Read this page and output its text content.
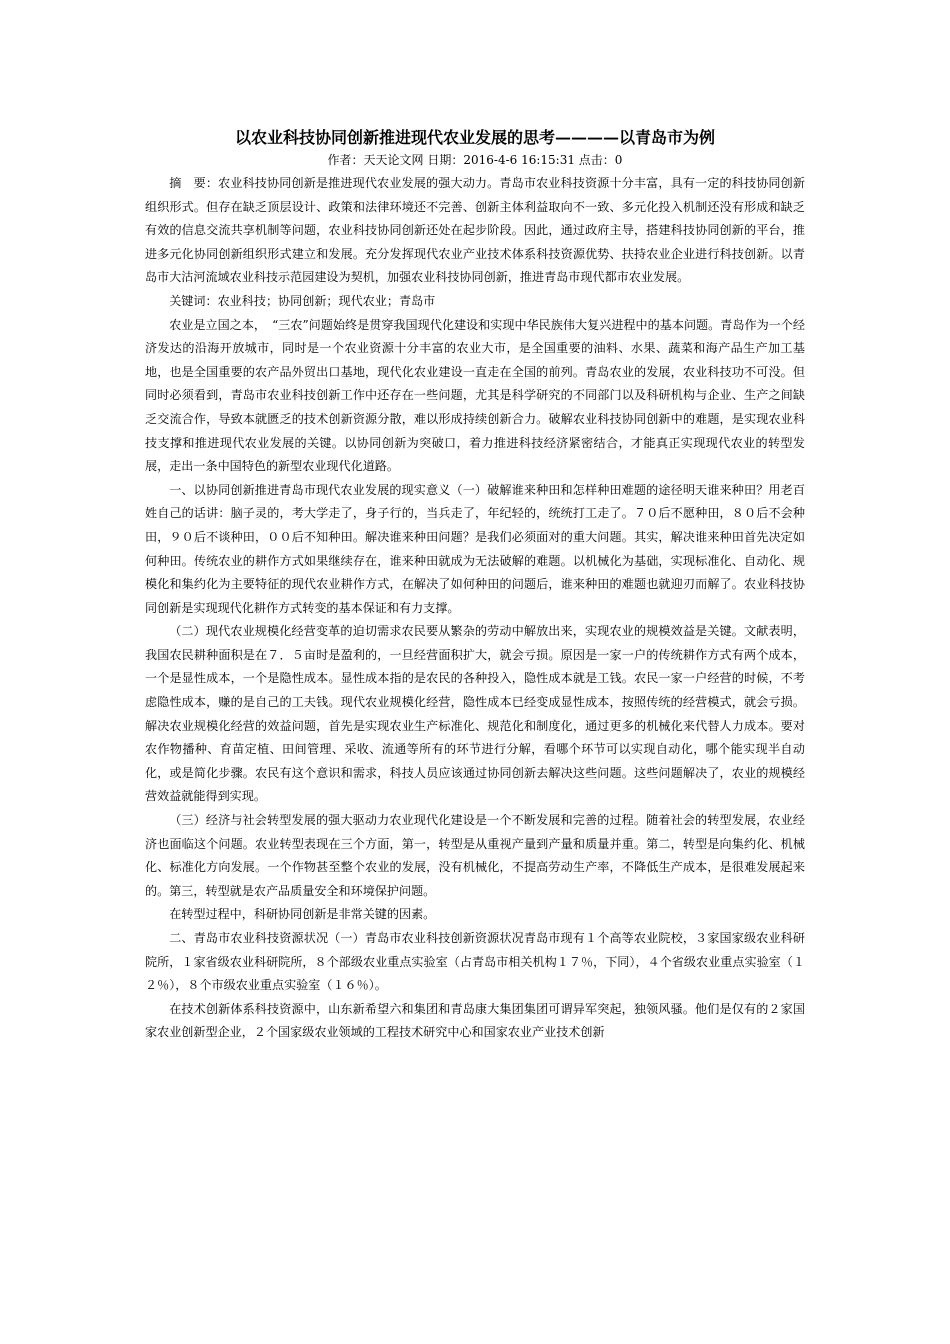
以农业科技协同创新推进现代农业发展的思考————以青岛市为例
作者：天天论文网 日期：2016-4-6 16:15:31 点击：0

摘　要：农业科技协同创新是推进现代农业发展的强大动力。青岛市农业科技资源十分丰富，具有一定的科技协同创新组织形式。但存在缺乏顶层设计、政策和法律环境还不完善、创新主体利益取向不一致、多元化投入机制还没有形成和缺乏有效的信息交流共享机制等问题，农业科技协同创新还处在起步阶段。因此，通过政府主导，搭建科技协同创新的平台，推进多元化协同创新组织形式建立和发展。充分发挥现代农业产业技术体系科技资源优势、扶持农业企业进行科技创新。以青岛市大沽河流域农业科技示范园建设为契机，加强农业科技协同创新，推进青岛市现代都市农业发展。

关键词：农业科技；协同创新；现代农业；青岛市

农业是立国之本，　“三农”问题始终是贯穿我国现代化建设和实现中华民族伟大复兴进程中的基本问题。青岛作为一个经济发达的沿海开放城市，同时是一个农业资源十分丰富的农业大市，是全国重要的油料、水果、蔬菜和海产品生产加工基地，也是全国重要的农产品外贸出口基地，现代化农业建设一直走在全国的前列。青岛农业的发展，农业科技功不可没。但同时必须看到，青岛市农业科技创新工作中还存在一些问题，尤其是科学研究的不同部门以及科研机构与企业、生产之间缺乏交流合作，导致本就匮乏的技术创新资源分散，难以形成持续创新合力。破解农业科技协同创新中的难题，是实现农业科技支撑和推进现代农业发展的关键。以协同创新为突破口，着力推进科技经济紧密结合，才能真正实现现代农业的转型发展，走出一条中国特色的新型农业现代化道路。

一、以协同创新推进青岛市现代农业发展的现实意义（一）破解谁来种田和怎样种田难题的途径明天谁来种田？用老百姓自己的话讲：脑子灵的，考大学走了，身子行的，当兵走了，年纪轻的，统统打工走了。７０后不愿种田，８０后不会种田，９０后不谈种田，００后不知种田。解决谁来种田问题？是我们必须面对的重大问题。其实，解决谁来种田首先决定如何种田。传统农业的耕作方式如果继续存在，谁来种田就成为无法破解的难题。以机械化为基础，实现标准化、自动化、规模化和集约化为主要特征的现代农业耕作方式，在解决了如何种田的问题后，谁来种田的难题也就迎刃而解了。农业科技协同创新是实现现代化耕作方式转变的基本保证和有力支撑。

（二）现代农业规模化经营变革的迫切需求农民要从繁杂的劳动中解放出来，实现农业的规模效益是关键。文献表明，我国农民耕种面积是在７．５亩时是盈利的，一旦经营面积扩大，就会亏损。原因是一家一户的传统耕作方式有两个成本，一个是显性成本，一个是隐性成本。显性成本指的是农民的各种投入，隐性成本就是工钱。农民一家一户经营的时候，不考虑隐性成本，赚的是自己的工夫钱。现代农业规模化经营，隐性成本已经变成显性成本，按照传统的经营模式，就会亏损。解决农业规模化经营的效益问题，首先是实现农业生产标准化、规范化和制度化，通过更多的机械化来代替人力成本。要对农作物播种、育苗定植、田间管理、采收、流通等所有的环节进行分解，看哪个环节可以实现自动化，哪个能实现半自动化，或是简化步骤。农民有这个意识和需求，科技人员应该通过协同创新去解决这些问题。这些问题解决了，农业的规模经营效益就能得到实现。

（三）经济与社会转型发展的强大驱动力农业现代化建设是一个不断发展和完善的过程。随着社会的转型发展，农业经济也面临这个问题。农业转型表现在三个方面，第一，转型是从重视产量到产量和质量并重。第二，转型是向集约化、机械化、标准化方向发展。一个作物甚至整个农业的发展，没有机械化，不提高劳动生产率，不降低生产成本，是很难发展起来的。第三，转型就是农产品质量安全和环境保护问题。

在转型过程中，科研协同创新是非常关键的因素。

二、青岛市农业科技资源状况（一）青岛市农业科技创新资源状况青岛市现有１个高等农业院校，３家国家级农业科研院所，１家省级农业科研院所，８个部级农业重点实验室（占青岛市相关机构１７％，下同），４个省级农业重点实验室（１２％），８个市级农业重点实验室（１６％）。

在技术创新体系科技资源中，山东新希望六和集团和青岛康大集团集团可谓异军突起，独领风骚。他们是仅有的２家国家农业创新型企业，２个国家级农业领域的工程技术研究中心和国家农业产业技术创新
